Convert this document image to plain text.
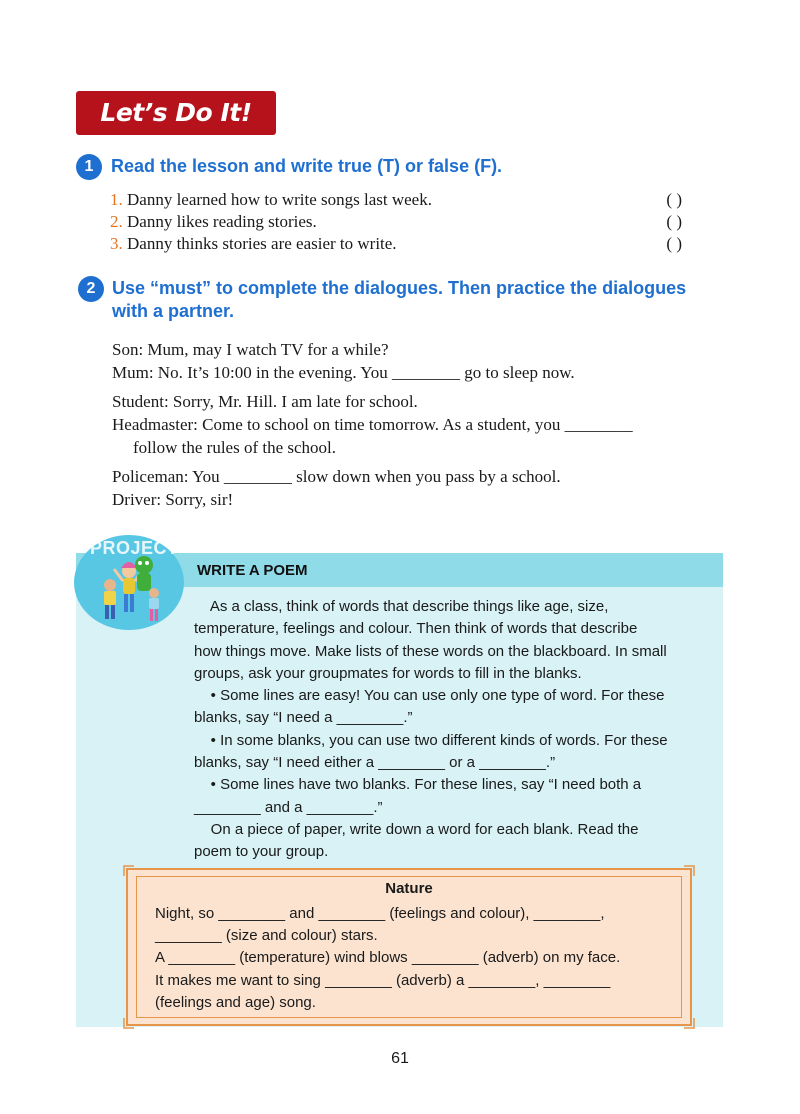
Let’s Do It!
1 Read the lesson and write true (T) or false (F).
1. Danny learned how to write songs last week.	( )
2. Danny likes reading stories.	( )
3. Danny thinks stories are easier to write.	( )
2 Use “must” to complete the dialogues. Then practice the dialogues
with a partner.
Son: Mum, may I watch TV for a while?
Mum: No. It’s 10:00 in the evening. You ________ go to sleep now.
Student: Sorry, Mr. Hill. I am late for school.
Headmaster: Come to school on time tomorrow. As a student, you ________
follow the rules of the school.
Policeman: You ________ slow down when you pass by a school.
Driver: Sorry, sir!
PROJECT
WRITE A POEM
As a class, think of words that describe things like age, size,
temperature, feelings and colour. Then think of words that describe
how things move. Make lists of these words on the blackboard. In small
groups, ask your groupmates for words to fill in the blanks.
• Some lines are easy! You can use only one type of word. For these
blanks, say “I need a ________.”
• In some blanks, you can use two different kinds of words. For these
blanks, say “I need either a ________ or a ________.”
• Some lines have two blanks. For these lines, say “I need both a
________ and a ________.”
On a piece of paper, write down a word for each blank. Read the
poem to your group.
Nature
Night, so ________ and ________ (feelings and colour), ________,
________ (size and colour) stars.
A ________ (temperature) wind blows ________ (adverb) on my face.
It makes me want to sing ________ (adverb) a ________, ________
(feelings and age) song.
61
